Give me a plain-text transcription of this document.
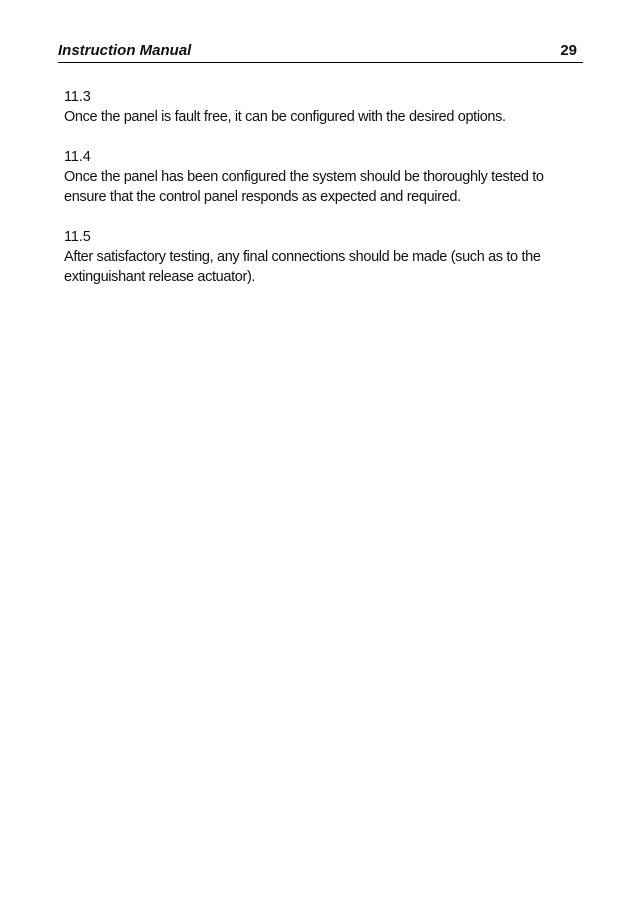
Instruction Manual	29
11.3
Once the panel is fault free, it can be configured with the desired options.
11.4
Once the panel has been configured the system should be thoroughly tested to ensure that the control panel responds as expected and required.
11.5
After satisfactory testing, any final connections should be made (such as to the extinguishant release actuator).
